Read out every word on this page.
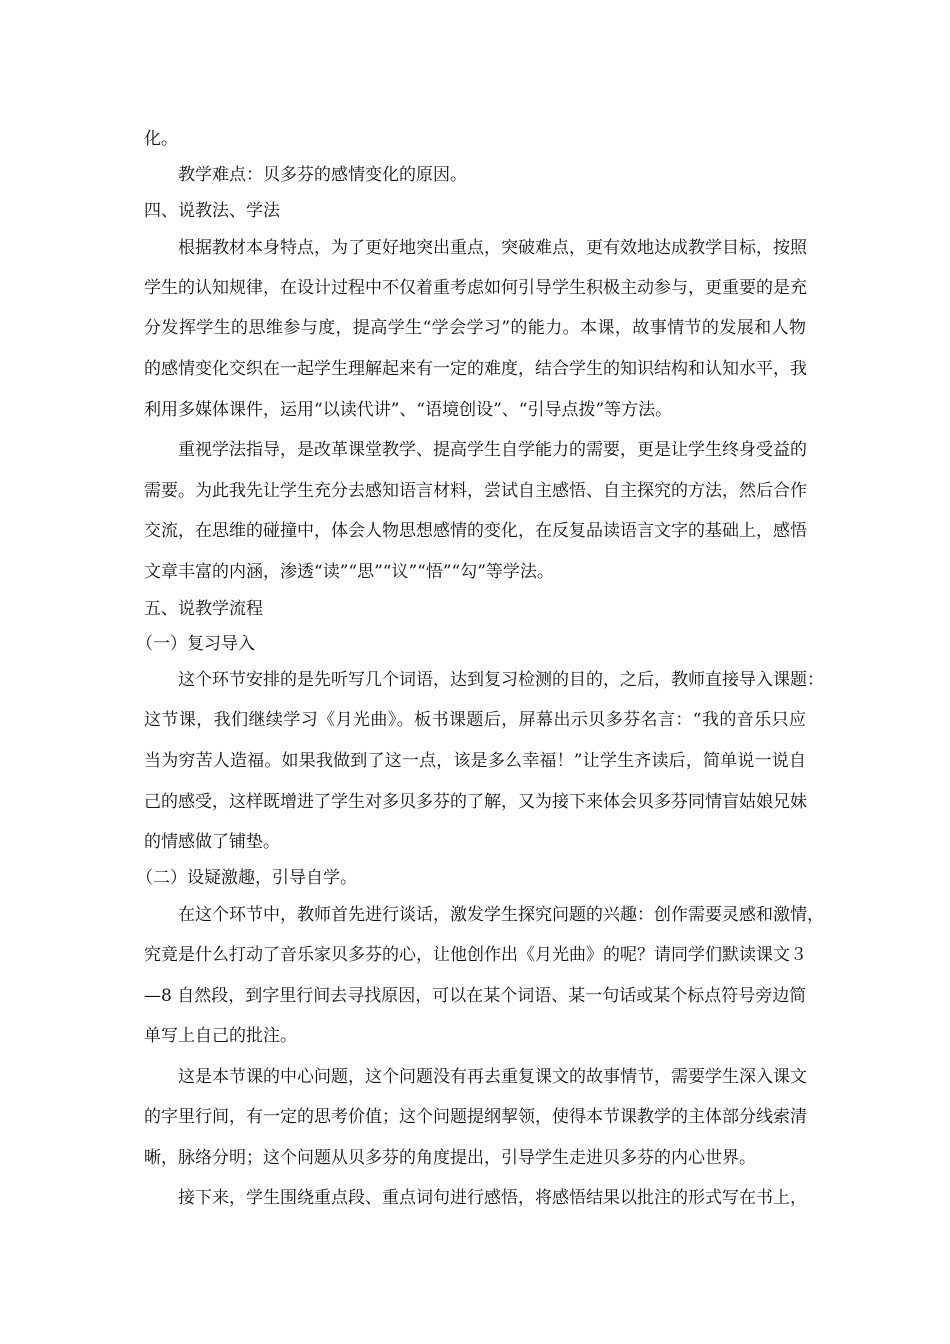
化。
教学难点：贝多芬的感情变化的原因。
四、说教法、学法
根据教材本身特点，为了更好地突出重点，突破难点，更有效地达成教学目标，按照
学生的认知规律，在设计过程中不仅着重考虑如何引导学生积极主动参与，更重要的是充
分发挥学生的思维参与度，提高学生“学会学习”的能力。本课，故事情节的发展和人物
的感情变化交织在一起学生理解起来有一定的难度，结合学生的知识结构和认知水平，我
利用多媒体课件，运用“以读代讲”、“语境创设”、“引导点拨”等方法。
重视学法指导，是改革课堂教学、提高学生自学能力的需要，更是让学生终身受益的
需要。为此我先让学生充分去感知语言材料，尝试自主感悟、自主探究的方法，然后合作
交流，在思维的碰撞中，体会人物思想感情的变化，在反复品读语言文字的基础上，感悟
文章丰富的内涵，渗透“读”“思”“议”“悟”“勾”等学法。
五、说教学流程
（一）复习导入
这个环节安排的是先听写几个词语，达到复习检测的目的，之后，教师直接导入课题：
这节课，我们继续学习《月光曲》。板书课题后，屏幕出示贝多芬名言：“我的音乐只应
当为穷苦人造福。如果我做到了这一点，该是多么幸福！”让学生齐读后，简单说一说自
己的感受，这样既增进了学生对多贝多芬的了解，又为接下来体会贝多芬同情盲姑娘兄妹
的情感做了铺垫。
（二）设疑激趣，引导自学。
在这个环节中，教师首先进行谈话，激发学生探究问题的兴趣：创作需要灵感和激情，
究竟是什么打动了音乐家贝多芬的心，让他创作出《月光曲》的呢？请同学们默读课文３
—8 自然段，到字里行间去寻找原因，可以在某个词语、某一句话或某个标点符号旁边简
单写上自己的批注。
这是本节课的中心问题，这个问题没有再去重复课文的故事情节，需要学生深入课文
的字里行间，有一定的思考价值；这个问题提纲挈领，使得本节课教学的主体部分线索清
晰，脉络分明；这个问题从贝多芬的角度提出，引导学生走进贝多芬的内心世界。
接下来，学生围绕重点段、重点词句进行感悟，将感悟结果以批注的形式写在书上，
